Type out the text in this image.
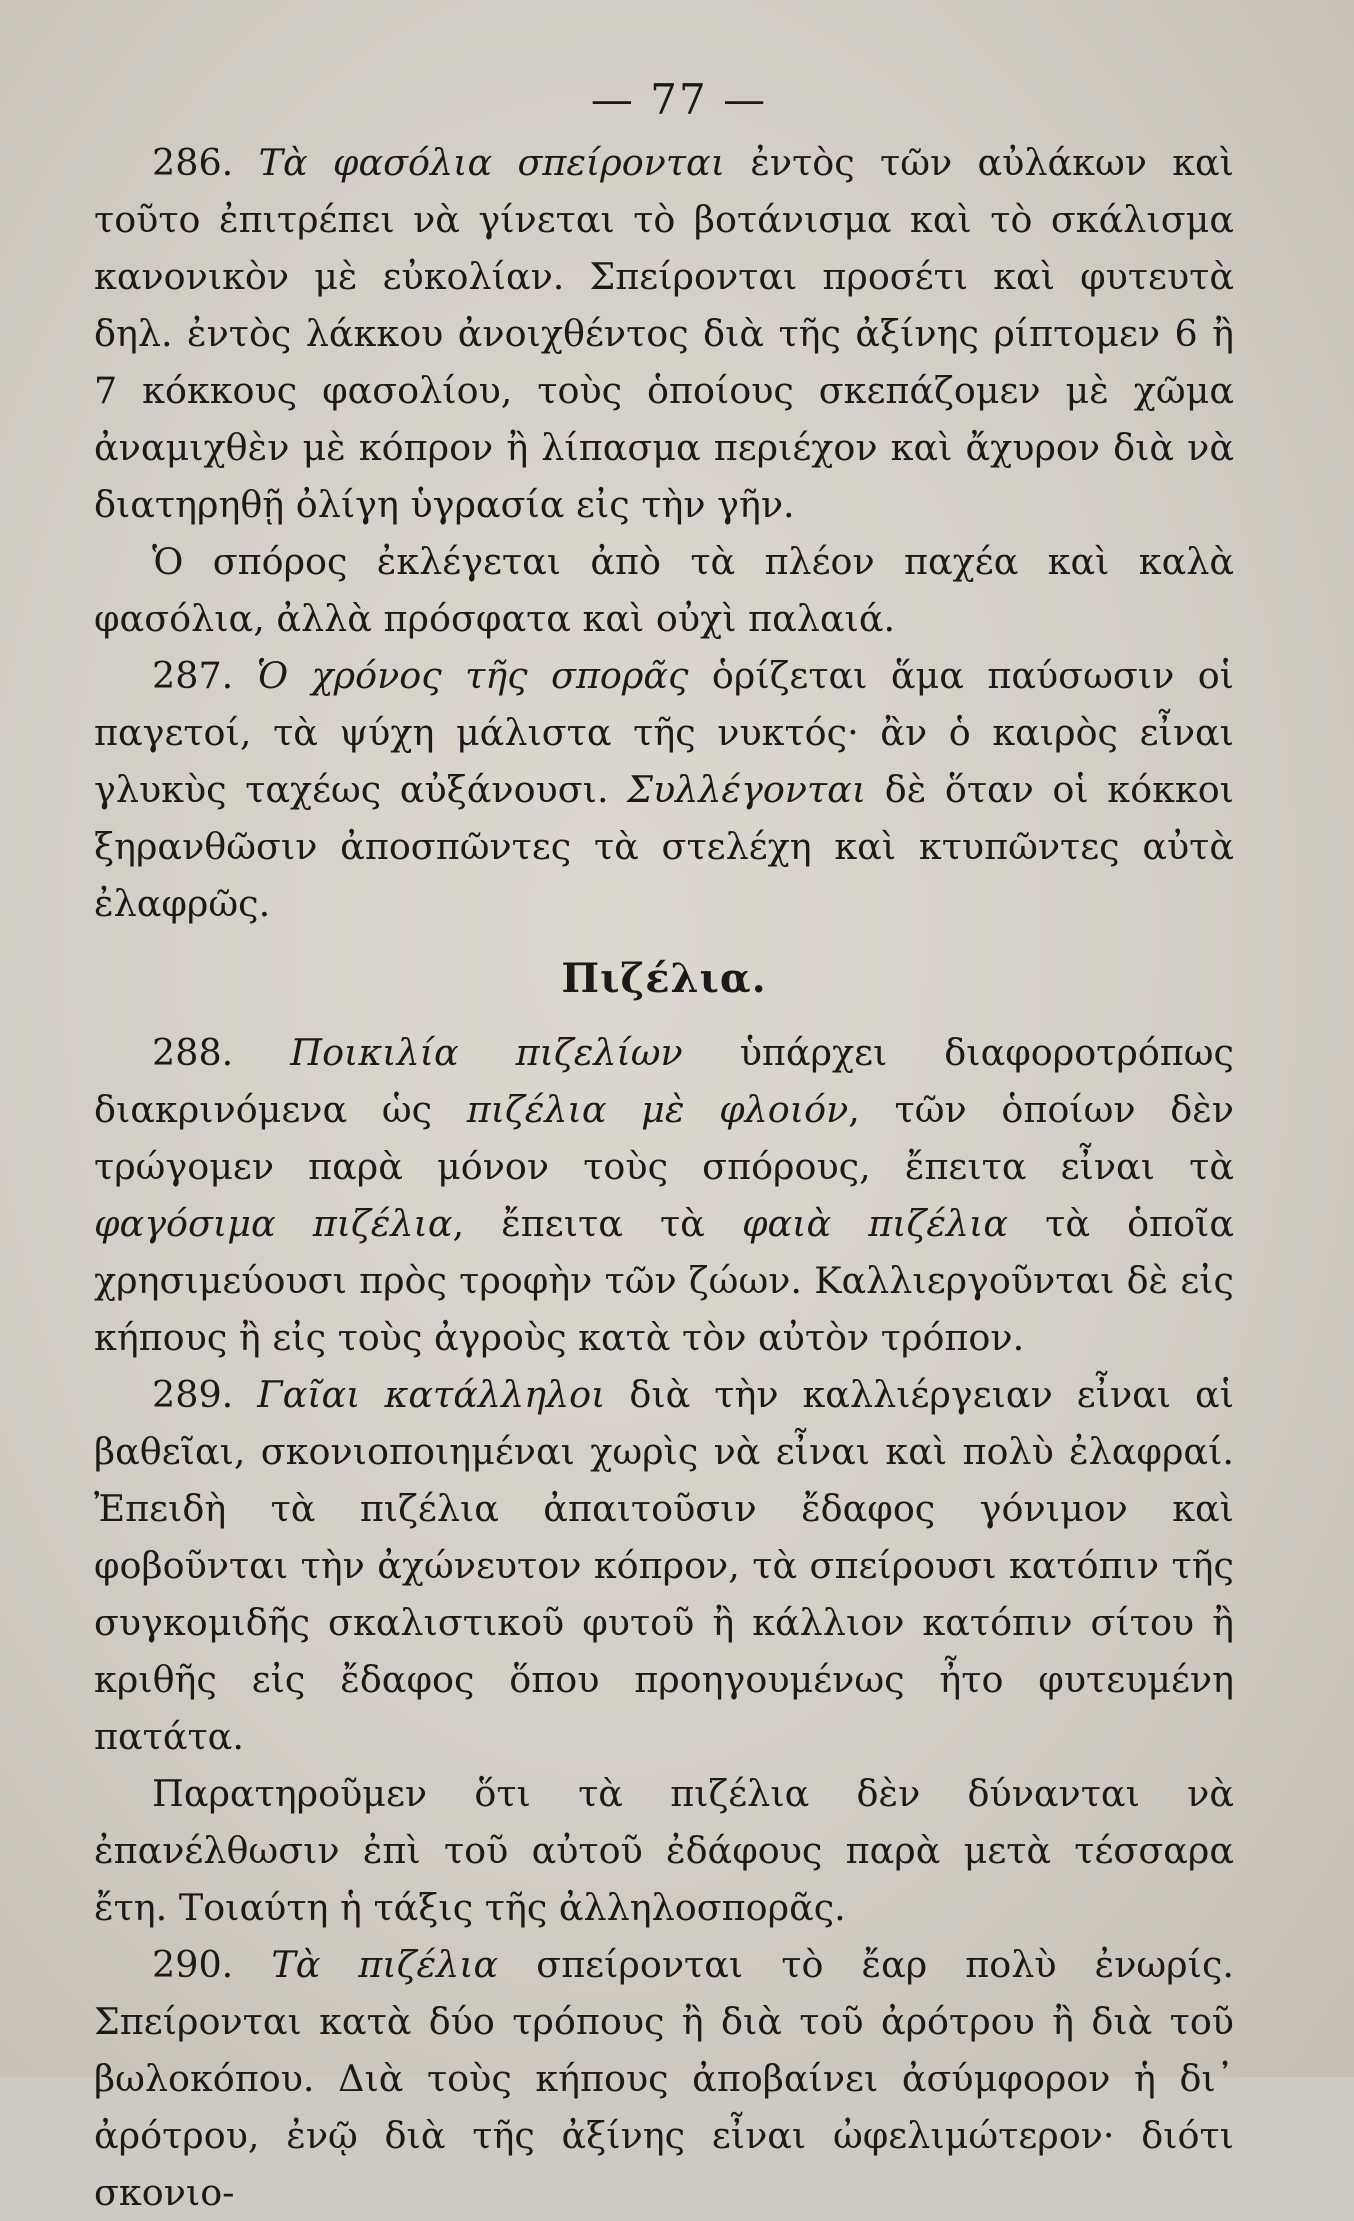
— 77 —

286. Τὰ φασόλια σπείρονται ἐντὸς τῶν αὐλάκων καὶ τοῦτο ἐπιτρέπει νὰ γίνεται τὸ βοτάνισμα καὶ τὸ σκάλισμα κανονικὸν μὲ εὐκολίαν. Σπείρονται προσέτι καὶ φυτευτὰ δηλ. ἐντὸς λάκκου ἀνοιχθέντος διὰ τῆς ἀξίνης ρίπτομεν 6 ἢ 7 κόκκους φασολίου, τοὺς ὁποίους σκεπάζομεν μὲ χῶμα ἀναμιχθὲν μὲ κόπρον ἢ λίπασμα περιέχον καὶ ἄχυρον διὰ νὰ διατηρηθῇ ὀλίγη ὑγρασία εἰς τὴν γῆν.

Ὁ σπόρος ἐκλέγεται ἀπὸ τὰ πλέον παχέα καὶ καλὰ φασόλια, ἀλλὰ πρόσφατα καὶ οὐχὶ παλαιά.

287. Ὁ χρόνος τῆς σπορᾶς ὁρίζεται ἅμα παύσωσιν οἱ παγετοί, τὰ ψύχη μάλιστα τῆς νυκτός· ἂν ὁ καιρὸς εἶναι γλυκὺς ταχέως αὐξάνουσι. Συλλέγονται δὲ ὅταν οἱ κόκκοι ξηρανθῶσιν ἀποσπῶντες τὰ στελέχη καὶ κτυπῶντες αὐτὰ ἐλαφρῶς.

Πιζέλια.

288. Ποικιλία πιζελίων ὑπάρχει διαφοροτρόπως διακρινόμενα ὡς πιζέλια μὲ φλοιόν, τῶν ὁποίων δὲν τρώγομεν παρὰ μόνον τοὺς σπόρους, ἔπειτα εἶναι τὰ φαγόσιμα πιζέλια, ἔπειτα τὰ φαιὰ πιζέλια τὰ ὁποῖα χρησιμεύουσι πρὸς τροφὴν τῶν ζώων. Καλλιεργοῦνται δὲ εἰς κήπους ἢ εἰς τοὺς ἀγροὺς κατὰ τὸν αὐτὸν τρόπον.

289. Γαῖαι κατάλληλοι διὰ τὴν καλλιέργειαν εἶναι αἱ βαθεῖαι, σκονιοποιημέναι χωρὶς νὰ εἶναι καὶ πολὺ ἐλαφραί. Ἐπειδὴ τὰ πιζέλια ἀπαιτοῦσιν ἔδαφος γόνιμον καὶ φοβοῦνται τὴν ἀχώνευτον κόπρον, τὰ σπείρουσι κατόπιν τῆς συγκομιδῆς σκαλιστικοῦ φυτοῦ ἢ κάλλιον κατόπιν σίτου ἢ κριθῆς εἰς ἔδαφος ὅπου προηγουμένως ἦτο φυτευμένη πατάτα.

Παρατηροῦμεν ὅτι τὰ πιζέλια δὲν δύνανται νὰ ἐπανέλθωσιν ἐπὶ τοῦ αὐτοῦ ἐδάφους παρὰ μετὰ τέσσαρα ἔτη. Τοιαύτη ἡ τάξις τῆς ἀλληλοσπορᾶς.

290. Τὰ πιζέλια σπείρονται τὸ ἔαρ πολὺ ἐνωρίς. Σπείρονται κατὰ δύο τρόπους ἢ διὰ τοῦ ἀρότρου ἢ διὰ τοῦ βωλοκόπου. Διὰ τοὺς κήπους ἀποβαίνει ἀσύμφορον ἡ δι᾽ ἀρότρου, ἐνῷ διὰ τῆς ἀξίνης εἶναι ὠφελιμώτερον· διότι σκονιο-
